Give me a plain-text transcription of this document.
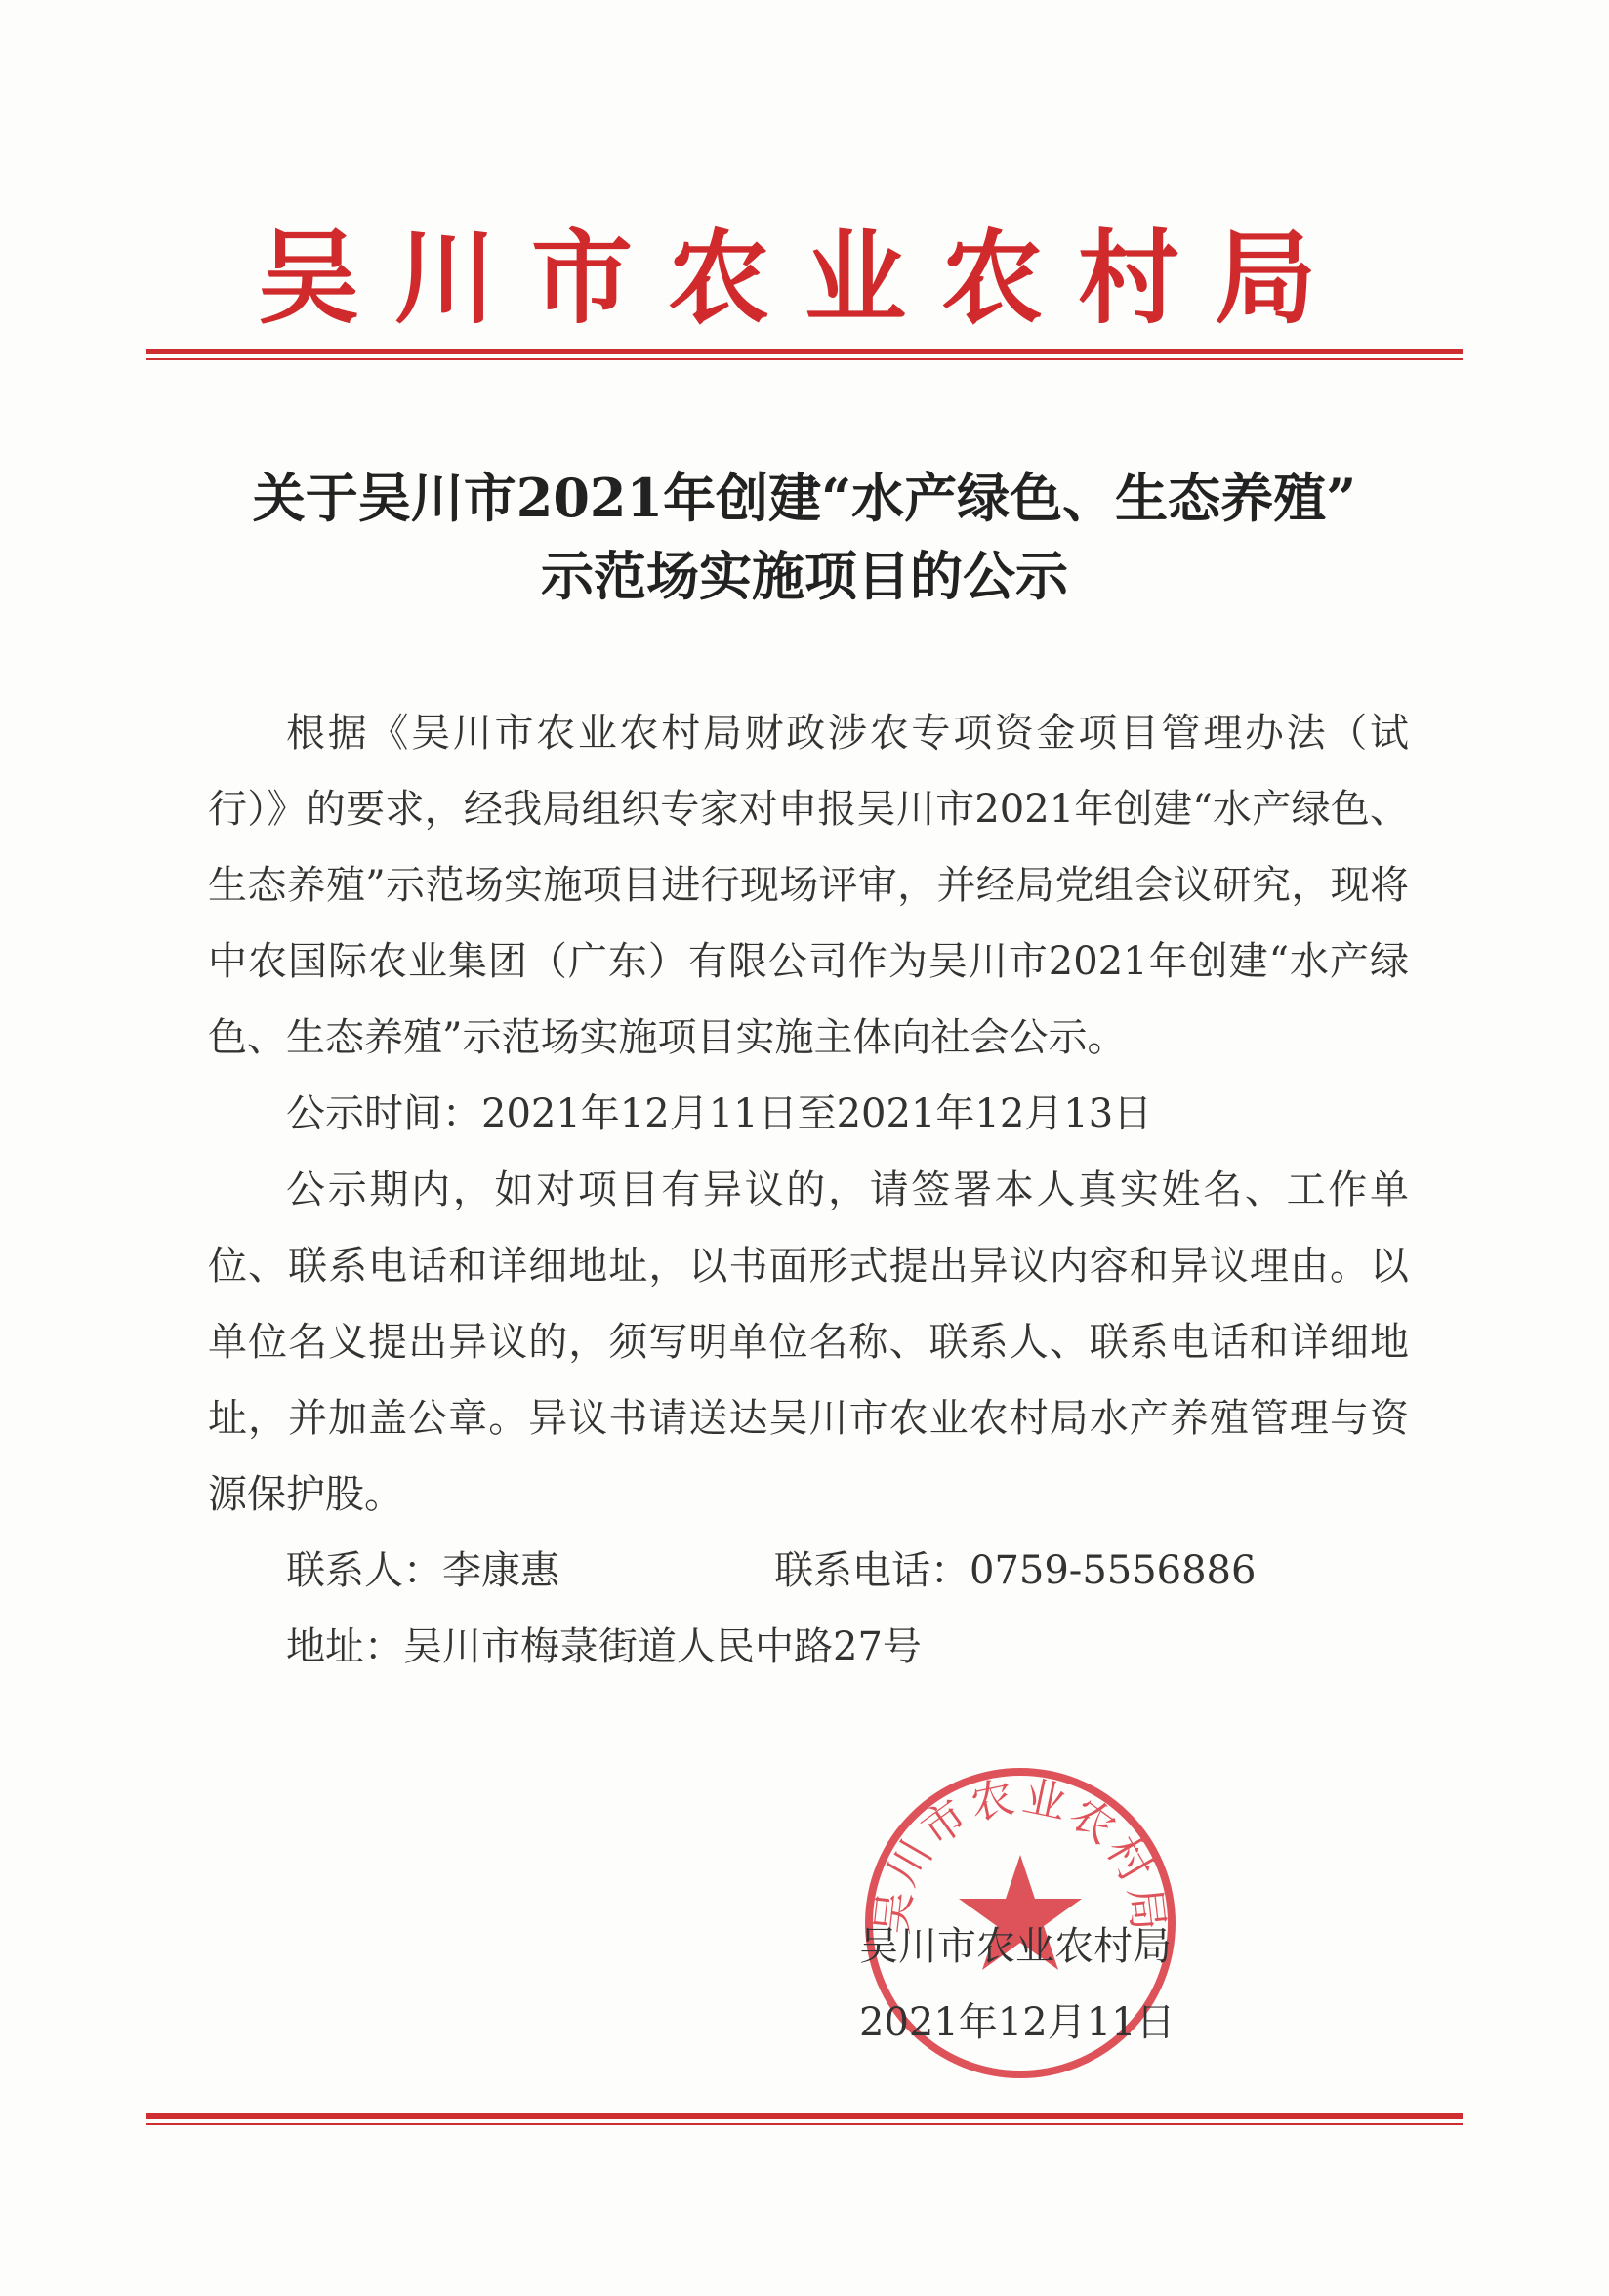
吴川市农业农村局
关于吴川市2021年创建“水产绿色、生态养殖”
示范场实施项目的公示

根据《吴川市农业农村局财政涉农专项资金项目管理办法（试行）》的要求，经我局组织专家对申报吴川市2021年创建“水产绿色、生态养殖”示范场实施项目进行现场评审，并经局党组会议研究，现将中农国际农业集团（广东）有限公司作为吴川市2021年创建“水产绿色、生态养殖”示范场实施项目实施主体向社会公示。

公示时间：2021年12月11日至2021年12月13日

公示期内，如对项目有异议的，请签署本人真实姓名、工作单位、联系电话和详细地址，以书面形式提出异议内容和异议理由。以单位名义提出异议的，须写明单位名称、联系人、联系电话和详细地址，并加盖公章。异议书请送达吴川市农业农村局水产养殖管理与资源保护股。

联系人：李康惠	联系电话：0759-5556886
地址：吴川市梅菉街道人民中路27号
吴川市农业农村局
吴川市农业农村局
2021年12月11日
